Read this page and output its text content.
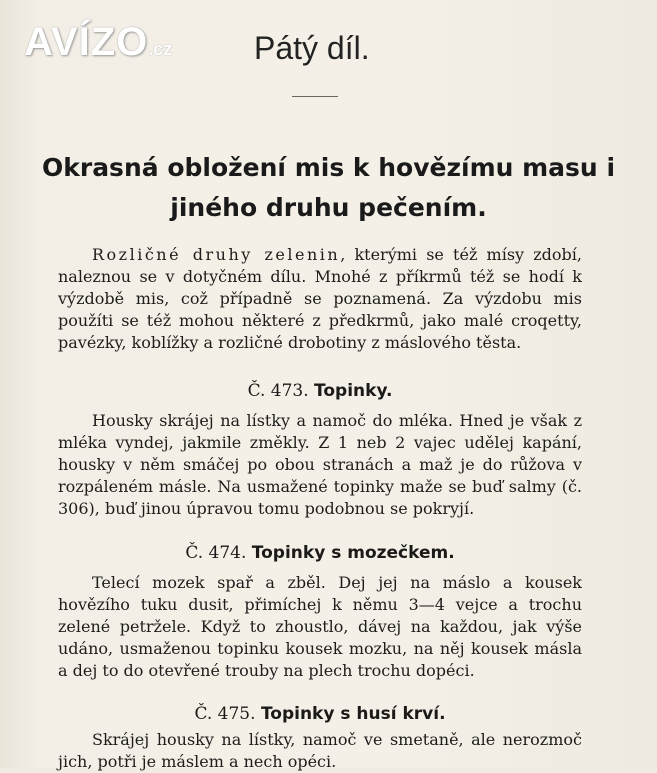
AVÍZO.cz	Pátý díl.
Okrasná obložení mis k hovězímu masu i jiného druhu pečením.
Rozličné druhy zelenin, kterými se též mísy zdobí, naleznou se v dotyčném dílu. Mnohé z příkrmů též se hodí k výzdobě mis, což případně se poznamená. Za výzdobu mis použíti se též mohou některé z předkrmů, jako malé croqetty, pavézky, koblížky a rozličné drobotiny z máslového těsta.
Č. 473. Topinky.
Housky skrájej na lístky a namoč do mléka. Hned je však z mléka vyndej, jakmile změkly. Z 1 neb 2 vajec udělej kapání, housky v něm smáčej po obou stranách a maž je do růžova v rozpáleném másle. Na usmažené topinky maže se buď salmy (č. 306), buď jinou úpravou tomu podobnou se pokryjí.
Č. 474. Topinky s mozečkem.
Telecí mozek spař a zběl. Dej jej na máslo a kousek hovězího tuku dusit, přimíchej k němu 3—4 vejce a trochu zelené petržele. Když to zhoustlo, dávej na každou, jak výše udáno, usmaženou topinku kousek mozku, na něj kousek másla a dej to do otevřené trouby na plech trochu dopéci.
Č. 475. Topinky s husí krví.
Skrájej housky na lístky, namoč ve smetaně, ale nerozmoč jich, potři je máslem a nech opéci.
